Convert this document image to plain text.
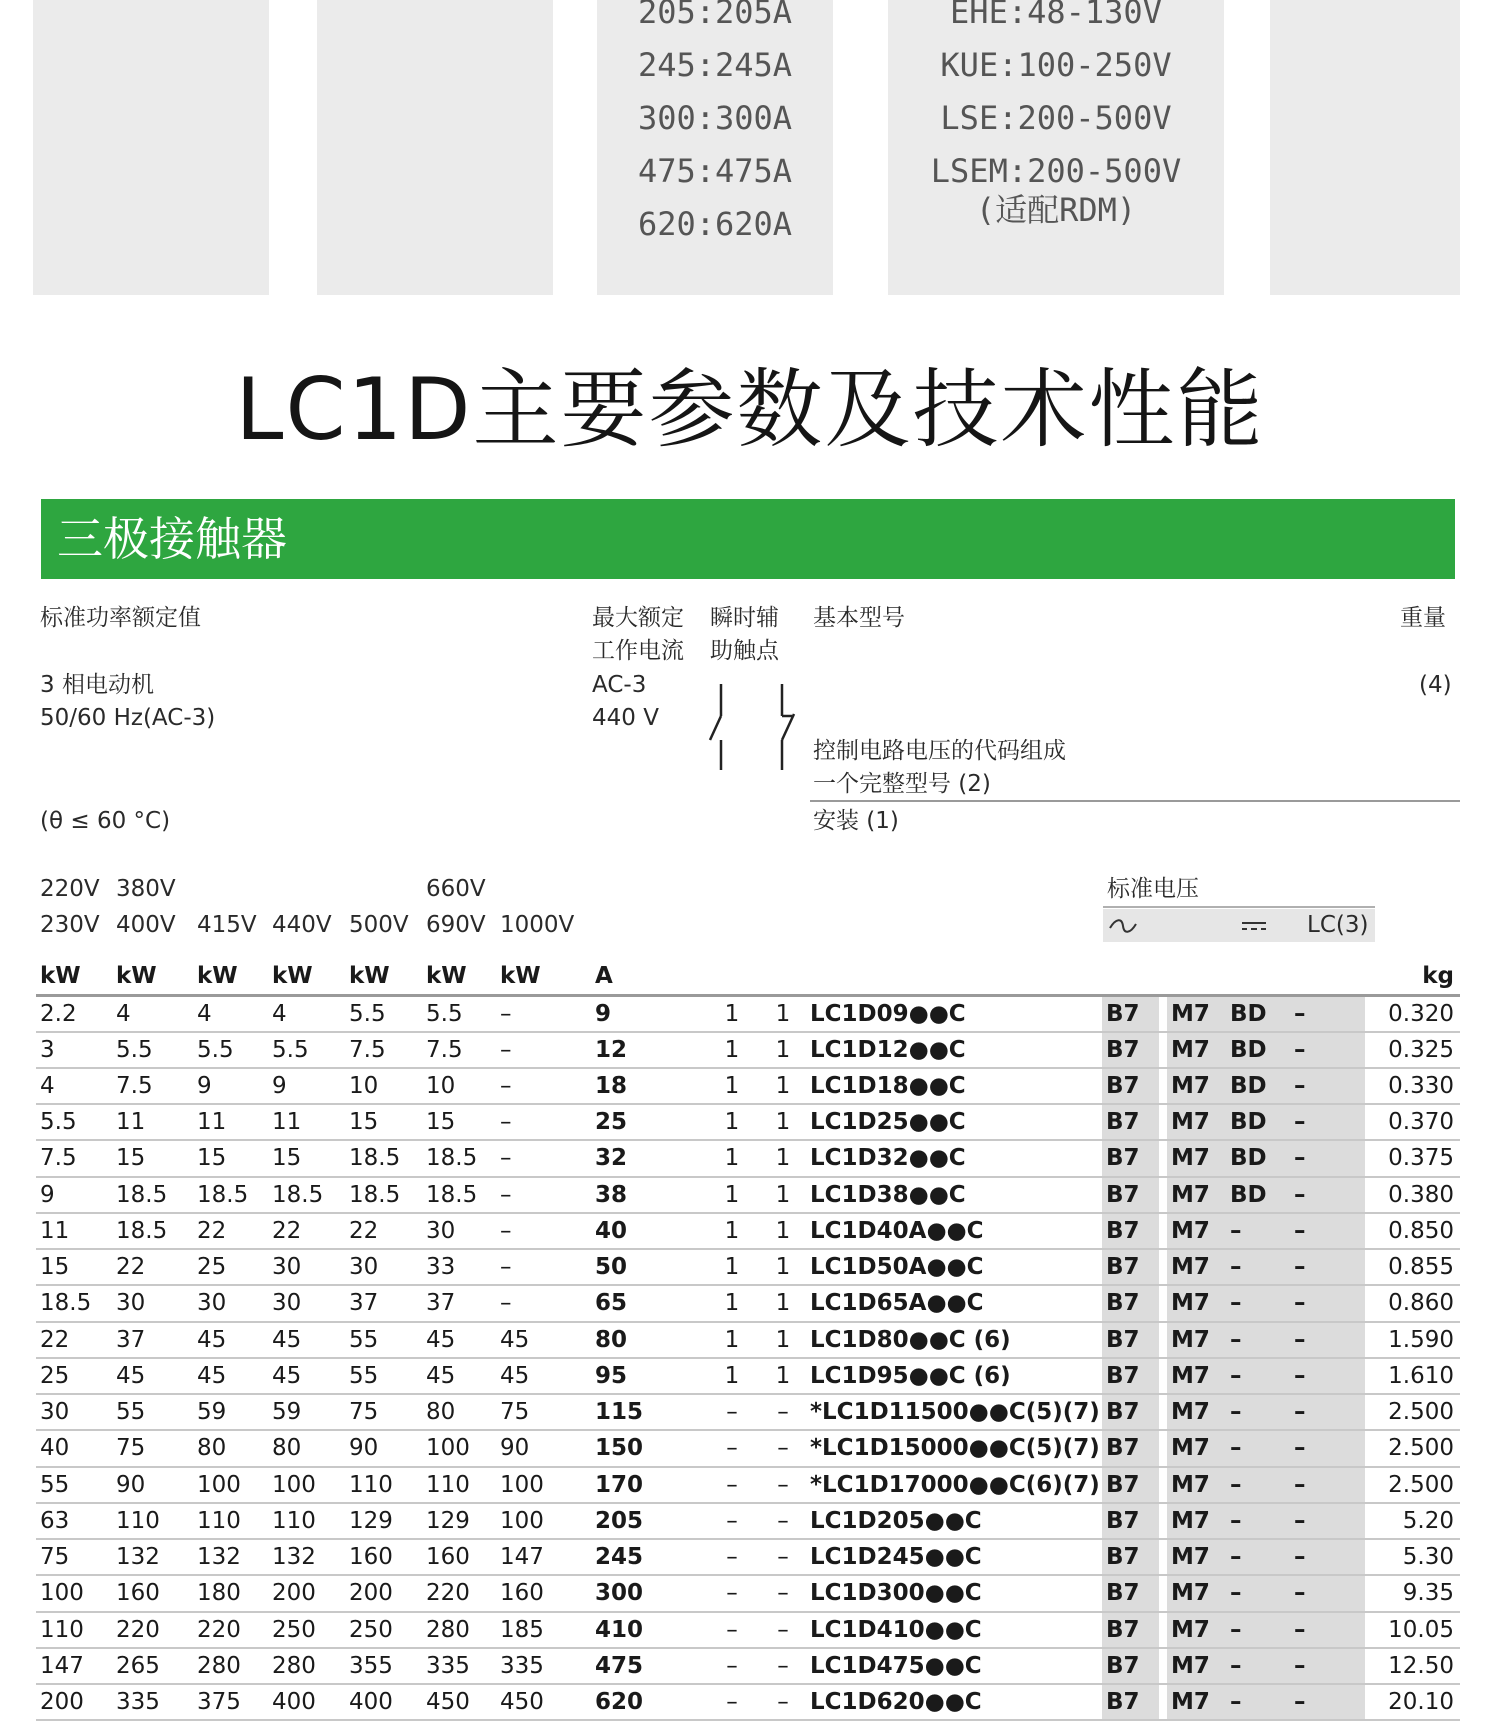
205:205A
245:245A
300:300A
475:475A
620:620A
EHE:48-130V
KUE:100-250V
LSE:200-500V
LSEM:200-500V
(适配RDM)
LC1D主要参数及技术性能
三极接触器
标准功率额定值
3 相电动机
50/60 Hz(AC-3)
(θ ≤ 60 °C)
最大额定
工作电流
AC-3
440 V
瞬时辅
助触点
基本型号
控制电路电压的代码组成
一个完整型号 (2)
安装 (1)
重量
(4)
220V 380V	660V
230V 400V 415V 440V 500V 690V 1000V
标准电压
LC(3)
kW	kW	kW	kW	kW	kW	kW	A									kg
2.2	4	4	4	5.5	5.5	–	9	1	1	LC1D09●●C	B7		M7	BD	–	0.320
3	5.5	5.5	5.5	7.5	7.5	–	12	1	1	LC1D12●●C	B7		M7	BD	–	0.325
4	7.5	9	9	10	10	–	18	1	1	LC1D18●●C	B7		M7	BD	–	0.330
5.5	11	11	11	15	15	–	25	1	1	LC1D25●●C	B7		M7	BD	–	0.370
7.5	15	15	15	18.5	18.5	–	32	1	1	LC1D32●●C	B7		M7	BD	–	0.375
9	18.5	18.5	18.5	18.5	18.5	–	38	1	1	LC1D38●●C	B7		M7	BD	–	0.380
11	18.5	22	22	22	30	–	40	1	1	LC1D40A●●C	B7		M7	–	–	0.850
15	22	25	30	30	33	–	50	1	1	LC1D50A●●C	B7		M7	–	–	0.855
18.5	30	30	30	37	37	–	65	1	1	LC1D65A●●C	B7		M7	–	–	0.860
22	37	45	45	55	45	45	80	1	1	LC1D80●●C (6)	B7		M7	–	–	1.590
25	45	45	45	55	45	45	95	1	1	LC1D95●●C (6)	B7		M7	–	–	1.610
30	55	59	59	75	80	75	115	–	–	*LC1D11500●●C(5)(7)	B7		M7	–	–	2.500
40	75	80	80	90	100	90	150	–	–	*LC1D15000●●C(5)(7)	B7		M7	–	–	2.500
55	90	100	100	110	110	100	170	–	–	*LC1D17000●●C(6)(7)	B7		M7	–	–	2.500
63	110	110	110	129	129	100	205	–	–	LC1D205●●C	B7		M7	–	–	5.20
75	132	132	132	160	160	147	245	–	–	LC1D245●●C	B7		M7	–	–	5.30
100	160	180	200	200	220	160	300	–	–	LC1D300●●C	B7		M7	–	–	9.35
110	220	220	250	250	280	185	410	–	–	LC1D410●●C	B7		M7	–	–	10.05
147	265	280	280	355	335	335	475	–	–	LC1D475●●C	B7		M7	–	–	12.50
200	335	375	400	400	450	450	620	–	–	LC1D620●●C	B7		M7	–	–	20.10
